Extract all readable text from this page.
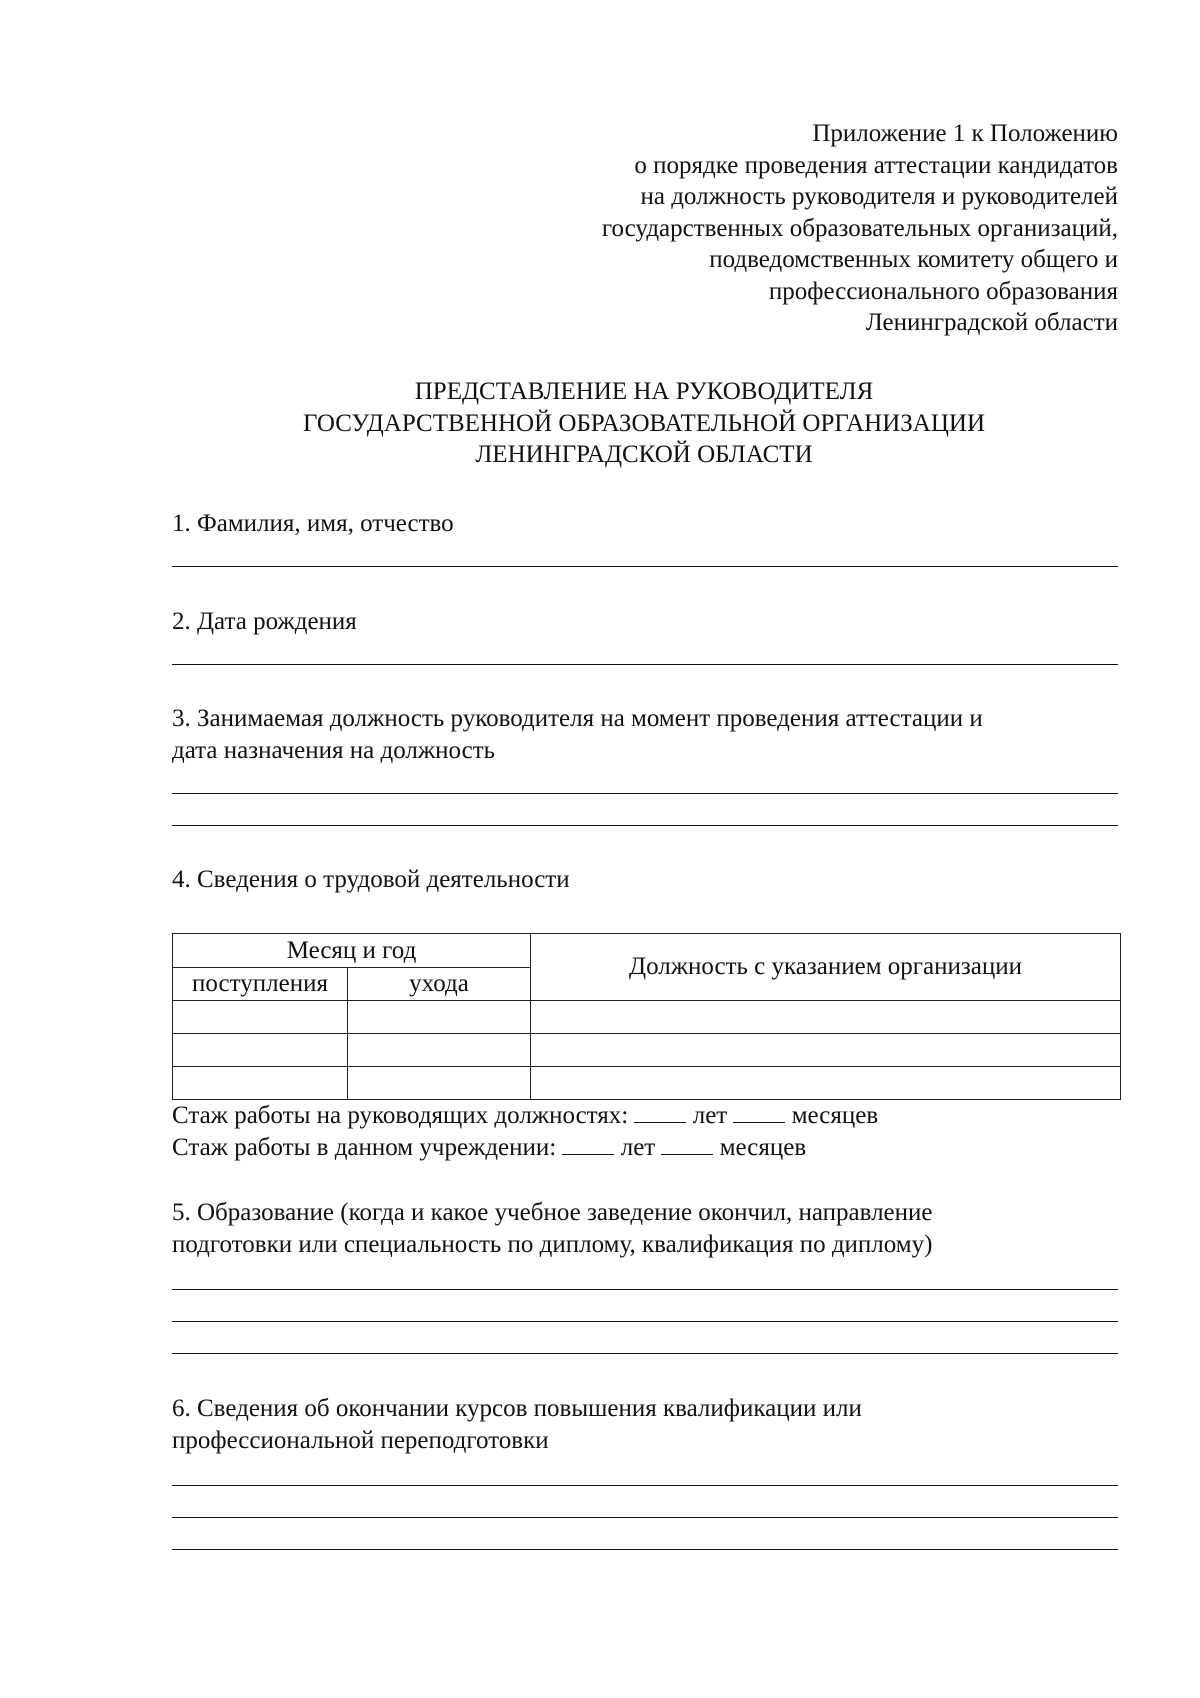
Приложение 1 к Положению
о порядке проведения аттестации кандидатов
на должность руководителя и руководителей
государственных образовательных организаций,
подведомственных комитету общего и
профессионального образования
Ленинградской области
ПРЕДСТАВЛЕНИЕ НА РУКОВОДИТЕЛЯ
ГОСУДАРСТВЕННОЙ ОБРАЗОВАТЕЛЬНОЙ ОРГАНИЗАЦИИ
ЛЕНИНГРАДСКОЙ ОБЛАСТИ
1. Фамилия, имя, отчество
2. Дата рождения
3. Занимаемая должность руководителя на момент проведения аттестации и
дата назначения на должность
4. Сведения о трудовой деятельности
Месяц и год		Должность с указанием организации

поступления	ухода	

Стаж работы на руководящих должностях:	лет	месяцев
Стаж работы в данном учреждении:	лет	месяцев
5. Образование (когда и какое учебное заведение окончил, направление
подготовки или специальность по диплому, квалификация по диплому)
6. Сведения об окончании курсов повышения квалификации или
профессиональной переподготовки
